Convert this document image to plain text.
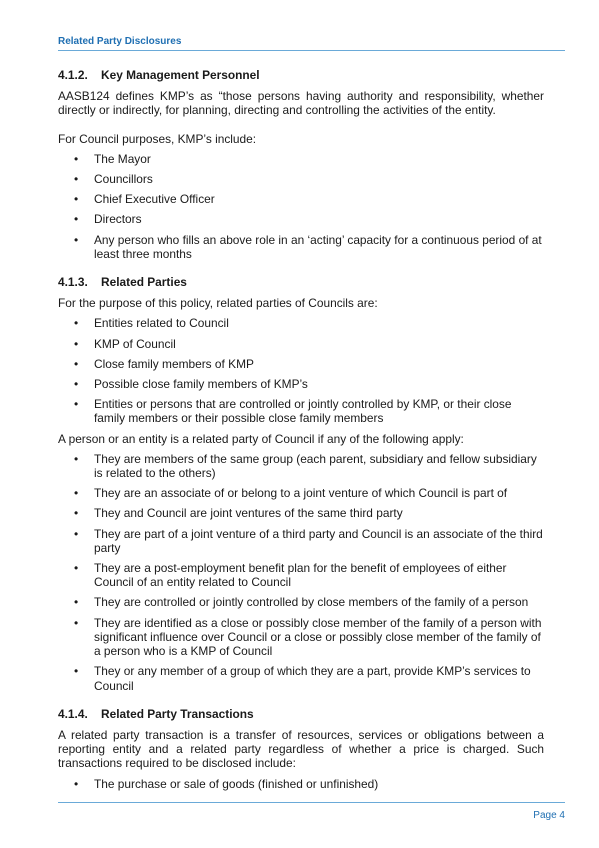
Related Party Disclosures
4.1.2.	Key Management Personnel

AASB124 defines KMP’s as “those persons having authority and responsibility, whether directly or indirectly, for planning, directing and controlling the activities of the entity.

For Council purposes, KMP’s include:

• The Mayor
• Councillors
• Chief Executive Officer
• Directors
• Any person who fills an above role in an ‘acting’ capacity for a continuous period of at least three months
4.1.3.	Related Parties

For the purpose of this policy, related parties of Councils are:

• Entities related to Council
• KMP of Council
• Close family members of KMP
• Possible close family members of KMP’s
• Entities or persons that are controlled or jointly controlled by KMP, or their close family members or their possible close family members

A person or an entity is a related party of Council if any of the following apply:

• They are members of the same group (each parent, subsidiary and fellow subsidiary is related to the others)
• They are an associate of or belong to a joint venture of which Council is part of
• They and Council are joint ventures of the same third party
• They are part of a joint venture of a third party and Council is an associate of the third party
• They are a post-employment benefit plan for the benefit of employees of either Council of an entity related to Council
• They are controlled or jointly controlled by close members of the family of a person
• They are identified as a close or possibly close member of the family of a person with significant influence over Council or a close or possibly close member of the family of a person who is a KMP of Council
• They or any member of a group of which they are a part, provide KMP’s services to Council
4.1.4.	Related Party Transactions

A related party transaction is a transfer of resources, services or obligations between a reporting entity and a related party regardless of whether a price is charged. Such transactions required to be disclosed include:

• The purchase or sale of goods (finished or unfinished)
Page 4
